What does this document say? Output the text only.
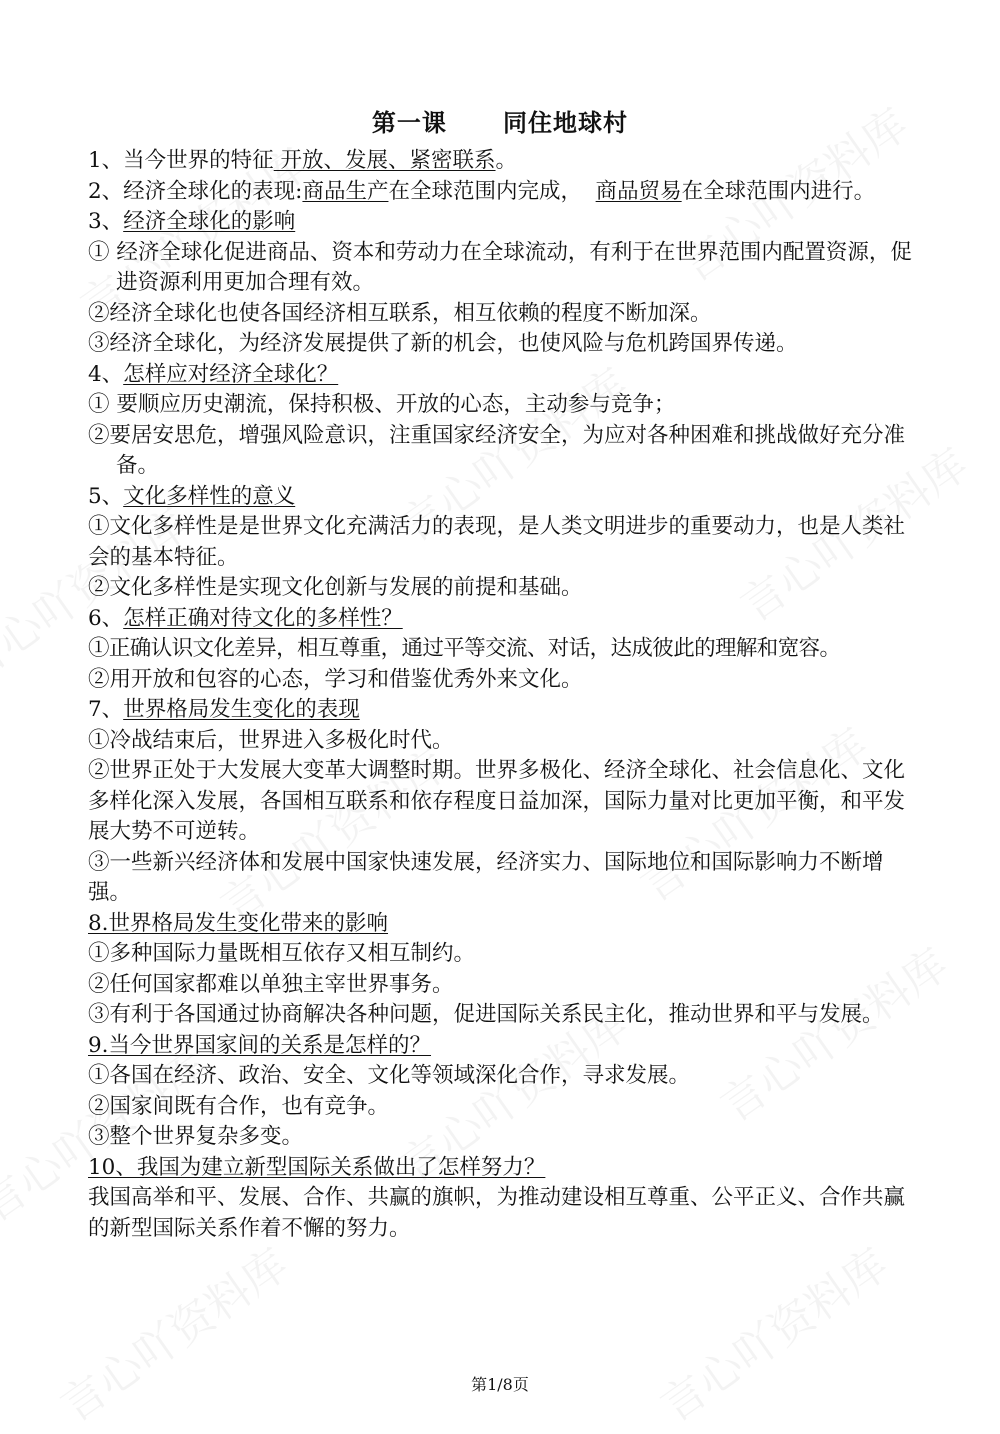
第一课      同住地球村
1、当今世界的特征 开放、发展、紧密联系。
2、经济全球化的表现:商品生产在全球范围内完成，  商品贸易在全球范围内进行。
3、经济全球化的影响
① 经济全球化促进商品、资本和劳动力在全球流动，有利于在世界范围内配置资源，促进资源利用更加合理有效。
②经济全球化也使各国经济相互联系，相互依赖的程度不断加深。
③经济全球化，为经济发展提供了新的机会，也使风险与危机跨国界传递。
4、怎样应对经济全球化？
① 要顺应历史潮流，保持积极、开放的心态，主动参与竞争；
②要居安思危，增强风险意识，注重国家经济安全，为应对各种困难和挑战做好充分准备。
5、文化多样性的意义
①文化多样性是是世界文化充满活力的表现，是人类文明进步的重要动力，也是人类社会的基本特征。
②文化多样性是实现文化创新与发展的前提和基础。
6、怎样正确对待文化的多样性？
①正确认识文化差异，相互尊重，通过平等交流、对话，达成彼此的理解和宽容。
②用开放和包容的心态，学习和借鉴优秀外来文化。
7、世界格局发生变化的表现
①冷战结束后，世界进入多极化时代。
②世界正处于大发展大变革大调整时期。世界多极化、经济全球化、社会信息化、文化多样化深入发展，各国相互联系和依存程度日益加深，国际力量对比更加平衡，和平发展大势不可逆转。
③一些新兴经济体和发展中国家快速发展，经济实力、国际地位和国际影响力不断增强。
8.世界格局发生变化带来的影响
①多种国际力量既相互依存又相互制约。
②任何国家都难以单独主宰世界事务。
③有利于各国通过协商解决各种问题，促进国际关系民主化，推动世界和平与发展。
9.当今世界国家间的关系是怎样的？
①各国在经济、政治、安全、文化等领域深化合作，寻求发展。
②国家间既有合作，也有竞争。
③整个世界复杂多变。
10、我国为建立新型国际关系做出了怎样努力？
我国高举和平、发展、合作、共赢的旗帜，为推动建设相互尊重、公平正义、合作共赢的新型国际关系作着不懈的努力。
第1/8页
